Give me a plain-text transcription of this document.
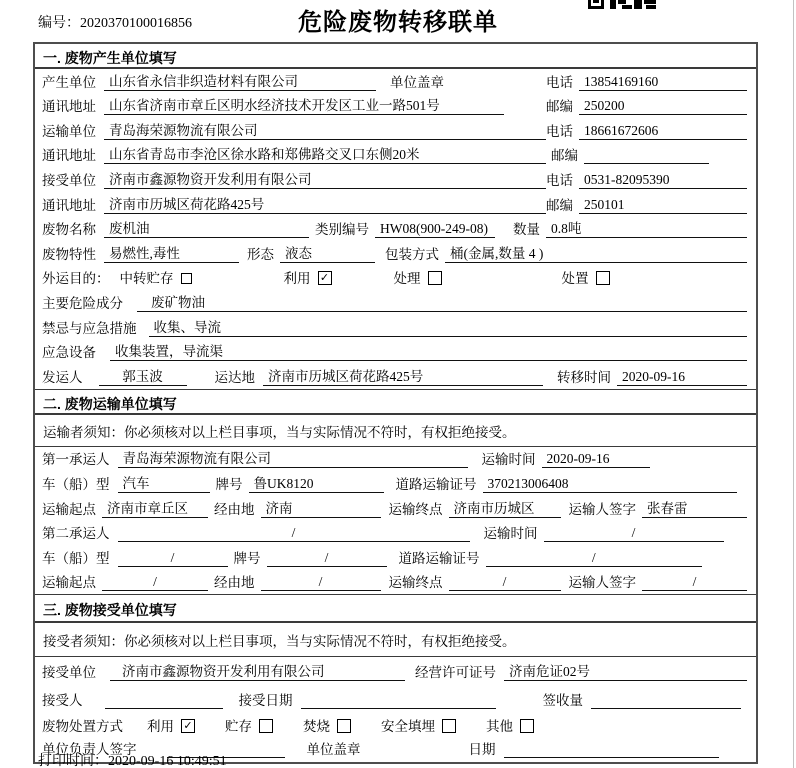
编号：2020370100016856	危险废物转移联单
一. 废物产生单位填写
产生单位 山东省永信非织造材料有限公司	单位盖章	电话 13854169160
通讯地址 山东省济南市章丘区明水经济技术开发区工业一路501号	邮编 250200
运输单位 青岛海荣源物流有限公司	电话 18661672606
通讯地址 山东省青岛市李沧区徐水路和郑佛路交叉口东侧20米	邮编
接受单位 济南市鑫源物资开发利用有限公司	电话 0531-82095390
通讯地址 济南市历城区荷花路425号	邮编 250101
废物名称 废机油	类别编号 HW08(900-249-08)	数量 0.8吨
废物特性 易燃性,毒性	形态 液态	包装方式 桶(金属,数量 4 )
外运目的： 中转贮存	利用 ✓	处理	处置
主要危险成分	废矿物油
禁忌与应急措施	收集、导流
应急设备	收集装置，导流渠
发运人	郭玉波	运达地 济南市历城区荷花路425号	转移时间 2020-09-16
二. 废物运输单位填写
运输者须知：你必须核对以上栏目事项，当与实际情况不符时，有权拒绝接受。
第一承运人 青岛海荣源物流有限公司	运输时间 2020-09-16
车（船）型 汽车	牌号 鲁UK8120	道路运输证号 370213006408
运输起点 济南市章丘区	经由地 济南	运输终点 济南市历城区	运输人签字 张春雷
第二承运人	/	运输时间	/
车（船）型	/	牌号	/	道路运输证号	/
运输起点	/	经由地	/	运输终点	/	运输人签字	/
三. 废物接受单位填写
接受者须知：你必须核对以上栏目事项，当与实际情况不符时，有权拒绝接受。
接受单位	济南市鑫源物资开发利用有限公司	经营许可证号 济南危证02号
接受人	接受日期	签收量
废物处置方式 利用 ✓ 贮存	焚烧	安全填埋	其他
单位负责人签字	单位盖章	日期
打印时间：2020-09-16 10:49:51
